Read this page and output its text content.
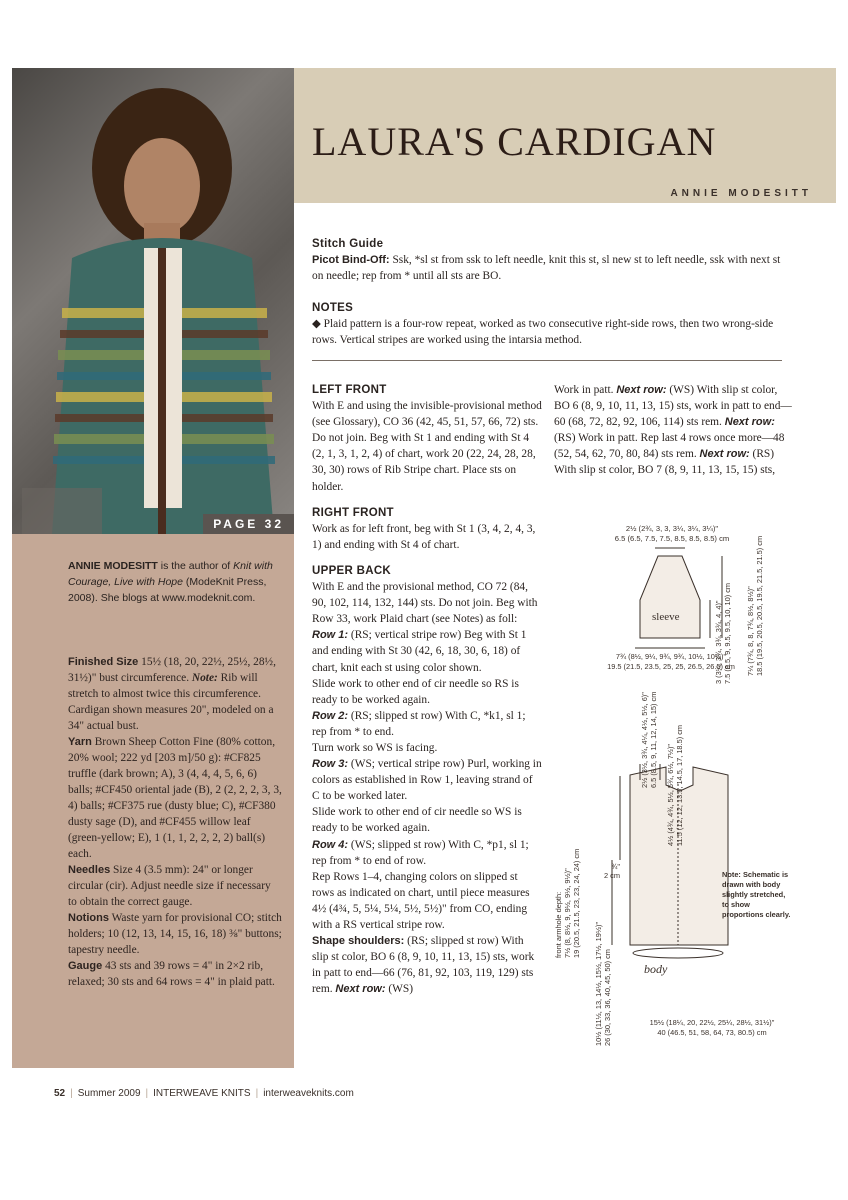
PAGE 32
LAURA'S CARDIGAN
ANNIE MODESITT
ANNIE MODESITT is the author of Knit with Courage, Live with Hope (ModeKnit Press, 2008). She blogs at www.modeknit.com.

Finished Size 15½ (18, 20, 22½, 25½, 28½, 31½)" bust circumference. Note: Rib will stretch to almost twice this circumference. Cardigan shown measures 20", modeled on a 34" actual bust.

Yarn Brown Sheep Cotton Fine (80% cotton, 20% wool; 222 yd [203 m]/50 g): #CF825 truffle (dark brown; A), 3 (4, 4, 4, 5, 6, 6) balls; #CF450 oriental jade (B), 2 (2, 2, 2, 3, 3, 4) balls; #CF375 rue (dusty blue; C), #CF380 dusty sage (D), and #CF455 willow leaf (green-yellow; E), 1 (1, 1, 2, 2, 2, 2) ball(s) each.

Needles Size 4 (3.5 mm): 24" or longer circular (cir). Adjust needle size if necessary to obtain the correct gauge.

Notions Waste yarn for provisional CO; stitch holders; 10 (12, 13, 14, 15, 16, 18) ⅜" buttons; tapestry needle.

Gauge 43 sts and 39 rows = 4" in 2×2 rib, relaxed; 30 sts and 64 rows = 4" in plaid patt.

Stitch Guide

Picot Bind-Off: Ssk, *sl st from ssk to left needle, knit this st, sl new st to left needle, ssk with next st on needle; rep from * until all sts are BO.

NOTES

◆ Plaid pattern is a four-row repeat, worked as two consecutive right-side rows, then two wrong-side rows. Vertical stripes are worked using the intarsia method.

LEFT FRONT

With E and using the invisible-provisional method (see Glossary), CO 36 (42, 45, 51, 57, 66, 72) sts. Do not join. Beg with St 1 and ending with St 4 (2, 1, 3, 1, 2, 4) of chart, work 20 (22, 24, 28, 28, 30, 30) rows of Rib Stripe chart. Place sts on holder.

RIGHT FRONT

Work as for left front, beg with St 1 (3, 4, 2, 4, 3, 1) and ending with St 4 of chart.

UPPER BACK

With E and the provisional method, CO 72 (84, 90, 102, 114, 132, 144) sts. Do not join. Beg with Row 33, work Plaid chart (see Notes) as foll:

Row 1: (RS; vertical stripe row) Beg with St 1 and ending with St 30 (42, 6, 18, 30, 6, 18) of chart, knit each st using color shown.

Slide work to other end of cir needle so RS is ready to be worked again.

Row 2: (RS; slipped st row) With C, *k1, sl 1; rep from * to end.

Turn work so WS is facing.

Row 3: (WS; vertical stripe row) Purl, working in colors as established in Row 1, leaving strand of C to be worked later.

Slide work to other end of cir needle so WS is ready to be worked again.

Row 4: (WS; slipped st row) With C, *p1, sl 1; rep from * to end of row.

Rep Rows 1–4, changing colors on slipped st rows as indicated on chart, until piece measures 4½ (4¾, 5, 5¼, 5¼, 5½, 5½)" from CO, ending with a RS vertical stripe row.

Shape shoulders: (RS; slipped st row) With slip st color, BO 6 (8, 9, 10, 11, 13, 15) sts, work in patt to end—66 (76, 81, 92, 103, 119, 129) sts rem. Next row: (WS)

Work in patt. Next row: (WS) With slip st color, BO 6 (8, 9, 10, 11, 13, 15) sts, work in patt to end—60 (68, 72, 82, 92, 106, 114) sts rem. Next row: (RS) Work in patt. Rep last 4 rows once more—48 (52, 54, 62, 70, 80, 84) sts rem. Next row: (RS) With slip st color, BO 7 (8, 9, 11, 13, 15, 15) sts,

2½ (2¾, 3, 3, 3¼, 3¼, 3¼)"
6.5 (6.5, 7.5, 7.5, 8.5, 8.5, 8.5) cm
sleeve
7¾ (8½, 9¼, 9¾, 9¾, 10½, 10½)"
19.5 (21.5, 23.5, 25, 25, 26.5, 26.5) cm
3 (3¼, 3¾, 3¾, 3¾, 4, 4)" 7.5 (8.5, 9, 9.5, 9.5, 10, 10) cm 7¼ (7¾, 8, 8, 7¾, 8½, 8½)" 18.5 (19.5, 20.5, 20.5, 19.5, 21.5, 21.5) cm
2½ (3½, 3¾, 4¼, 4½, 5½, 6)" 6.5 (8.5, 9, 11, 12, 14, 15) cm
4½ (4¾, 4¾, 5½, 5¾, 6½, 7½)" 11.5 (12, 12, 13.5, 14.5, 17, 18.5) cm
¾"
2 cm	Note: Schematic is drawn with body slightly stretched, to show proportions clearly.
body
front armhole depth: 7½ (8, 8½, 9, 9½, 9½, 9½)" 19 (20.5, 21.5, 23, 23, 24, 24) cm
10½ (11½, 13, 14½, 15½, 17½, 19½)" 26 (30, 33, 36, 40, 45, 50) cm	15½ (18¼, 20, 22½, 25¼, 28½, 31½)"
40 (46.5, 51, 58, 64, 73, 80.5) cm
52 | Summer 2009 | INTERWEAVE KNITS | interweaveknits.com
